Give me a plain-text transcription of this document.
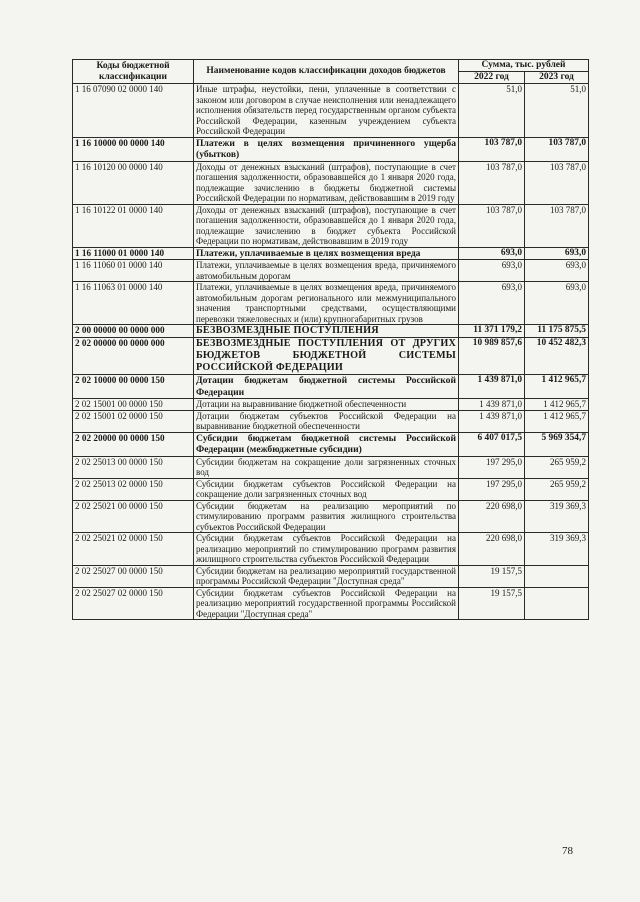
Коды бюджетной классификации	Наименование кодов классификации доходов бюджетов	Сумма, тыс. рублей	
		2022 год	2023 год
1 16 07090 02 0000 140	Иные штрафы, неустойки, пени, уплаченные в соответствии с законом или договором в случае неисполнения или ненадлежащего исполнения обязательств перед государственным органом субъекта Российской Федерации, казенным учреждением субъекта Российской Федерации	51,0	51,0
1 16 10000 00 0000 140	Платежи в целях возмещения причиненного ущерба (убытков)	103 787,0	103 787,0
1 16 10120 00 0000 140	Доходы от денежных взысканий (штрафов), поступающие в счет погашения задолженности, образовавшейся до 1 января 2020 года, подлежащие зачислению в бюджеты бюджетной системы Российской Федерации по нормативам, действовавшим в 2019 году	103 787,0	103 787,0
1 16 10122 01 0000 140	Доходы от денежных взысканий (штрафов), поступающие в счет погашения задолженности, образовавшейся до 1 января 2020 года, подлежащие зачислению в бюджет субъекта Российской Федерации по нормативам, действовавшим в 2019 году	103 787,0	103 787,0
1 16 11000 01 0000 140	Платежи, уплачиваемые в целях возмещения вреда	693,0	693,0
1 16 11060 01 0000 140	Платежи, уплачиваемые в целях возмещения вреда, причиняемого автомобильным дорогам	693,0	693,0
1 16 11063 01 0000 140	Платежи, уплачиваемые в целях возмещения вреда, причиняемого автомобильным дорогам регионального или межмуниципального значения транспортными средствами, осуществляющими перевозки тяжеловесных и (или) крупногабаритных грузов	693,0	693,0
2 00 00000 00 0000 000	БЕЗВОЗМЕЗДНЫЕ ПОСТУПЛЕНИЯ	11 371 179,2	11 175 875,5
2 02 00000 00 0000 000	БЕЗВОЗМЕЗДНЫЕ ПОСТУПЛЕНИЯ ОТ ДРУГИХ БЮДЖЕТОВ БЮДЖЕТНОЙ СИСТЕМЫ РОССИЙСКОЙ ФЕДЕРАЦИИ	10 989 857,6	10 452 482,3
2 02 10000 00 0000 150	Дотации бюджетам бюджетной системы Российской Федерации	1 439 871,0	1 412 965,7
2 02 15001 00 0000 150	Дотации на выравнивание бюджетной обеспеченности	1 439 871,0	1 412 965,7
2 02 15001 02 0000 150	Дотации бюджетам субъектов Российской Федерации на выравнивание бюджетной обеспеченности	1 439 871,0	1 412 965,7
2 02 20000 00 0000 150	Субсидии бюджетам бюджетной системы Российской Федерации (межбюджетные субсидии)	6 407 017,5	5 969 354,7
2 02 25013 00 0000 150	Субсидии бюджетам на сокращение доли загрязненных сточных вод	197 295,0	265 959,2
2 02 25013 02 0000 150	Субсидии бюджетам субъектов Российской Федерации на сокращение доли загрязненных сточных вод	197 295,0	265 959,2
2 02 25021 00 0000 150	Субсидии бюджетам на реализацию мероприятий по стимулированию программ развития жилищного строительства субъектов Российской Федерации	220 698,0	319 369,3
2 02 25021 02 0000 150	Субсидии бюджетам субъектов Российской Федерации на реализацию мероприятий по стимулированию программ развития жилищного строительства субъектов Российской Федерации	220 698,0	319 369,3
2 02 25027 00 0000 150	Субсидии бюджетам на реализацию мероприятий государственной программы Российской Федерации "Доступная среда"	19 157,5	
2 02 25027 02 0000 150	Субсидии бюджетам субъектов Российской Федерации на реализацию мероприятий государственной программы Российской Федерации "Доступная среда"	19 157,5	
78
